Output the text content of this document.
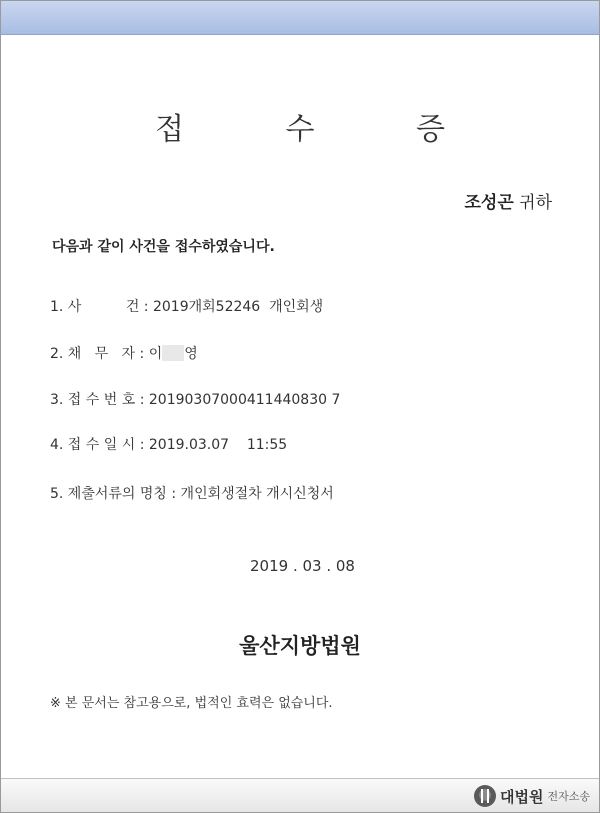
접 수 증
조성곤 귀하
다음과 같이 사건을 접수하였습니다.
1. 사          건 : 2019개회52246  개인회생
2. 채   무   자 : 이 영
3. 접 수 번 호 : 20190307000411440830 7
4. 접 수 일 시 : 2019.03.07    11:55
5. 제출서류의 명칭 : 개인회생절차 개시신청서
2019 . 03 . 08
울산지방법원
※ 본 문서는 참고용으로, 법적인 효력은 없습니다.
대법원 전자소송
